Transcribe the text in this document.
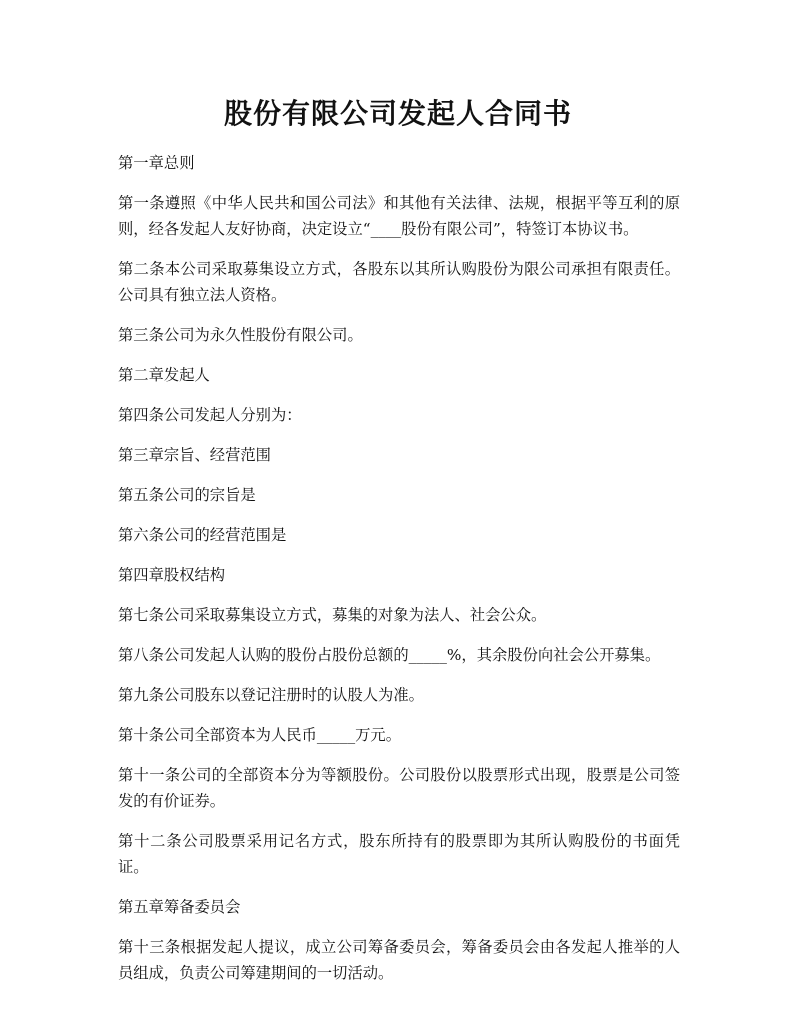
股份有限公司发起人合同书

第一章总则

第一条遵照《中华人民共和国公司法》和其他有关法律、法规，根据平等互利的原则，经各发起人友好协商，决定设立“____股份有限公司”，特签订本协议书。

第二条本公司采取募集设立方式，各股东以其所认购股份为限公司承担有限责任。公司具有独立法人资格。

第三条公司为永久性股份有限公司。

第二章发起人

第四条公司发起人分别为：

第三章宗旨、经营范围

第五条公司的宗旨是

第六条公司的经营范围是

第四章股权结构

第七条公司采取募集设立方式，募集的对象为法人、社会公众。

第八条公司发起人认购的股份占股份总额的_____%，其余股份向社会公开募集。

第九条公司股东以登记注册时的认股人为准。

第十条公司全部资本为人民币_____万元。

第十一条公司的全部资本分为等额股份。公司股份以股票形式出现，股票是公司签发的有价证券。

第十二条公司股票采用记名方式，股东所持有的股票即为其所认购股份的书面凭证。

第五章筹备委员会

第十三条根据发起人提议，成立公司筹备委员会，筹备委员会由各发起人推举的人员组成，负责公司筹建期间的一切活动。
